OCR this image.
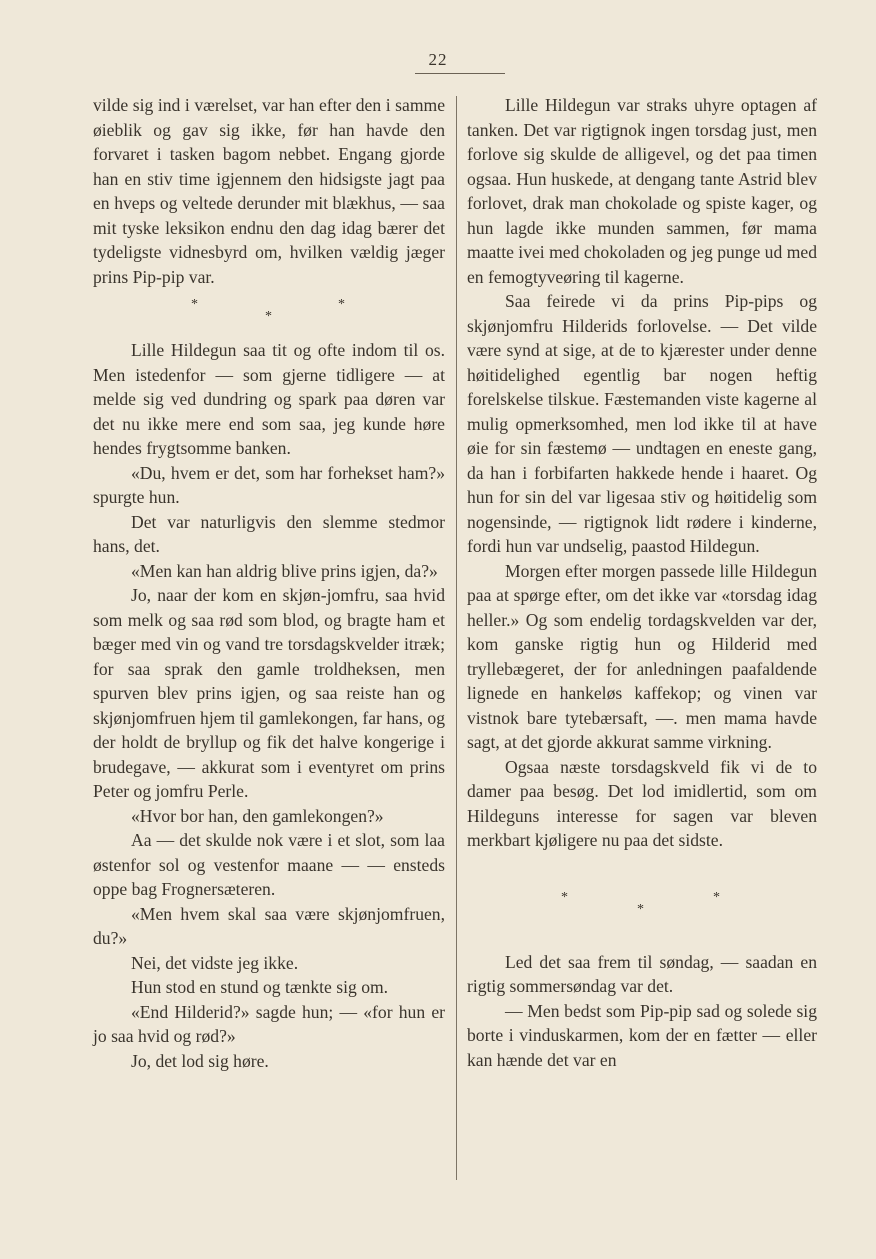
22

vilde sig ind i værelset, var han efter den i samme øieblik og gav sig ikke, før han havde den forvaret i tasken bagom nebbet. Engang gjorde han en stiv time igjennem den hidsigste jagt paa en hveps og veltede derunder mit blækhus, — saa mit tyske leksikon endnu den dag idag bærer det tydeligste vidnesbyrd om, hvilken vældig jæger prins Pip-pip var.

*
*
*

Lille Hildegun saa tit og ofte indom til os. Men istedenfor — som gjerne tidligere — at melde sig ved dundring og spark paa døren var det nu ikke mere end som saa, jeg kunde høre hendes frygtsomme banken.

«Du, hvem er det, som har forhekset ham?» spurgte hun.

Det var naturligvis den slemme stedmor hans, det.

«Men kan han aldrig blive prins igjen, da?»

Jo, naar der kom en skjøn-jomfru, saa hvid som melk og saa rød som blod, og bragte ham et bæger med vin og vand tre torsdagskvelder itræk; for saa sprak den gamle troldheksen, men spurven blev prins igjen, og saa reiste han og skjønjomfruen hjem til gamlekongen, far hans, og der holdt de bryllup og fik det halve kongerige i brudegave, — akkurat som i eventyret om prins Peter og jomfru Perle.

«Hvor bor han, den gamlekongen?»

Aa — det skulde nok være i et slot, som laa østenfor sol og vestenfor maane — — ensteds oppe bag Frognersæteren.

«Men hvem skal saa være skjønjomfruen, du?»

Nei, det vidste jeg ikke.

Hun stod en stund og tænkte sig om.

«End Hilderid?» sagde hun; — «for hun er jo saa hvid og rød?»

Jo, det lod sig høre.

Lille Hildegun var straks uhyre optagen af tanken. Det var rigtignok ingen torsdag just, men forlove sig skulde de alligevel, og det paa timen ogsaa. Hun huskede, at dengang tante Astrid blev forlovet, drak man chokolade og spiste kager, og hun lagde ikke munden sammen, før mama maatte ivei med chokoladen og jeg punge ud med en femogtyveøring til kagerne.

Saa feirede vi da prins Pip-pips og skjønjomfru Hilderids forlovelse. — Det vilde være synd at sige, at de to kjærester under denne høitidelighed egentlig bar nogen heftig forelskelse tilskue. Fæstemanden viste kagerne al mulig opmerksomhed, men lod ikke til at have øie for sin fæstemø — undtagen en eneste gang, da han i forbifarten hakkede hende i haaret. Og hun for sin del var ligesaa stiv og høitidelig som nogensinde, — rigtignok lidt rødere i kinderne, fordi hun var undselig, paastod Hildegun.

Morgen efter morgen passede lille Hildegun paa at spørge efter, om det ikke var «torsdag idag heller.» Og som endelig tordagskvelden var der, kom ganske rigtig hun og Hilderid med tryllebægeret, der for anledningen paafaldende lignede en hankeløs kaffekop; og vinen var vistnok bare tytebærsaft, —. men mama havde sagt, at det gjorde akkurat samme virkning.

Ogsaa næste torsdagskveld fik vi de to damer paa besøg. Det lod imidlertid, som om Hildeguns interesse for sagen var bleven merkbart kjøligere nu paa det sidste.

*
*
*

Led det saa frem til søndag, — saadan en rigtig sommersøndag var det.

— Men bedst som Pip-pip sad og solede sig borte i vinduskarmen, kom der en fætter — eller kan hænde det var en
